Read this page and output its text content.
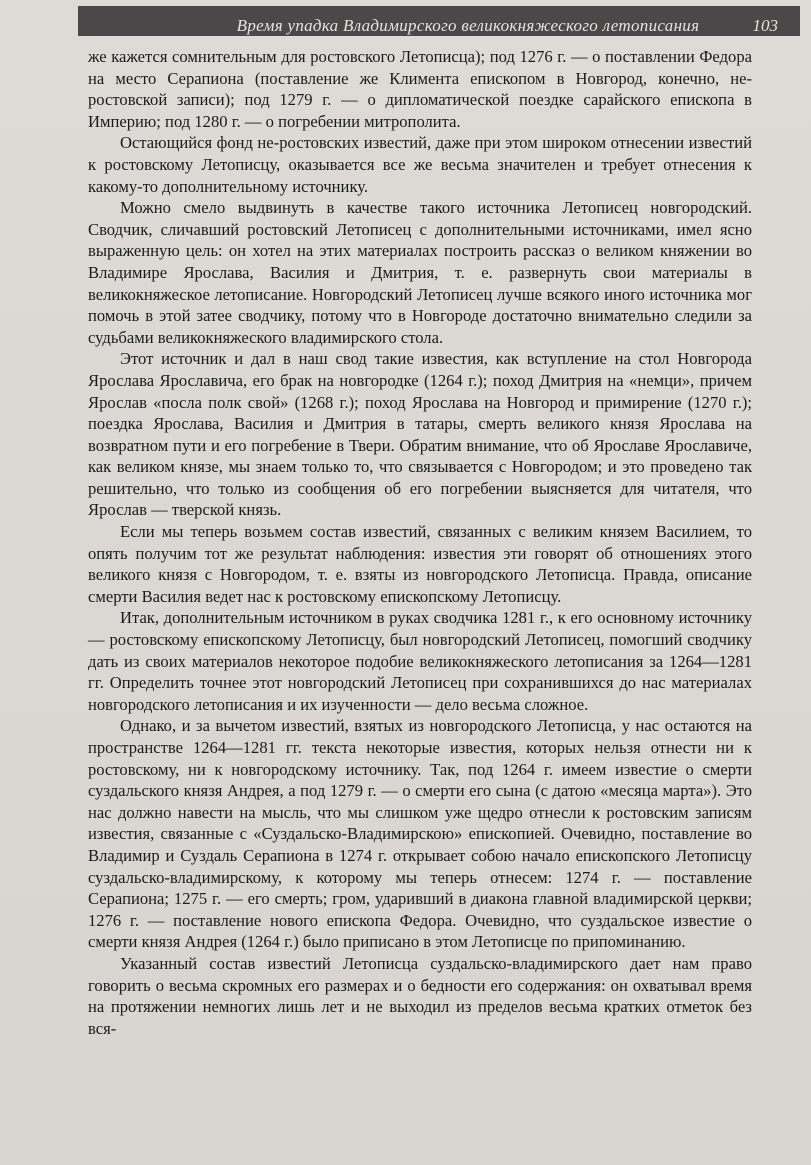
Время упадка Владимирского великокняжеского летописания	103

же кажется сомнительным для ростовского Летописца); под 1276 г. — о поставлении Федора на место Серапиона (поставление же Климента епископом в Новгород, конечно, не-ростовской записи); под 1279 г. — о дипломатической поездке сарайского епископа в Империю; под 1280 г. — о погребении митрополита.

Остающийся фонд не-ростовских известий, даже при этом широком отнесении известий к ростовскому Летописцу, оказывается все же весьма значителен и требует отнесения к какому-то дополнительному источнику.

Можно смело выдвинуть в качестве такого источника Летописец новгородский. Сводчик, сличавший ростовский Летописец с дополнительными источниками, имел ясно выраженную цель: он хотел на этих материалах построить рассказ о великом княжении во Владимире Ярослава, Василия и Дмитрия, т. е. развернуть свои материалы в великокняжеское летописание. Новгородский Летописец лучше всякого иного источника мог помочь в этой затее сводчику, потому что в Новгороде достаточно внимательно следили за судьбами великокняжеского владимирского стола.

Этот источник и дал в наш свод такие известия, как вступление на стол Новгорода Ярослава Ярославича, его брак на новгородке (1264 г.); поход Дмитрия на «немци», причем Ярослав «посла полк свой» (1268 г.); поход Ярослава на Новгород и примирение (1270 г.); поездка Ярослава, Василия и Дмитрия в татары, смерть великого князя Ярослава на возвратном пути и его погребение в Твери. Обратим внимание, что об Ярославе Ярославиче, как великом князе, мы знаем только то, что связывается с Новгородом; и это проведено так решительно, что только из сообщения об его погребении выясняется для читателя, что Ярослав — тверской князь.

Если мы теперь возьмем состав известий, связанных с великим князем Василием, то опять получим тот же результат наблюдения: известия эти говорят об отношениях этого великого князя с Новгородом, т. е. взяты из новгородского Летописца. Правда, описание смерти Василия ведет нас к ростовскому епископскому Летописцу.

Итак, дополнительным источником в руках сводчика 1281 г., к его основному источнику — ростовскому епископскому Летописцу, был новгородский Летописец, помогший сводчику дать из своих материалов некоторое подобие великокняжеского летописания за 1264—1281 гг. Определить точнее этот новгородский Летописец при сохранившихся до нас материалах новгородского летописания и их изученности — дело весьма сложное.

Однако, и за вычетом известий, взятых из новгородского Летописца, у нас остаются на пространстве 1264—1281 гг. текста некоторые известия, которых нельзя отнести ни к ростовскому, ни к новгородскому источнику. Так, под 1264 г. имеем известие о смерти суздальского князя Андрея, а под 1279 г. — о смерти его сына (с датою «месяца марта»). Это нас должно навести на мысль, что мы слишком уже щедро отнесли к ростовским записям известия, связанные с «Суздальско-Владимирскою» епископией. Очевидно, поставление во Владимир и Суздаль Серапиона в 1274 г. открывает собою начало епископского Летописцу суздальско-владимирскому, к которому мы теперь отнесем: 1274 г. — поставление Серапиона; 1275 г. — его смерть; гром, ударивший в диакона главной владимирской церкви; 1276 г. — поставление нового епископа Федора. Очевидно, что суздальское известие о смерти князя Андрея (1264 г.) было приписано в этом Летописце по припоминанию.

Указанный состав известий Летописца суздальско-владимирского дает нам право говорить о весьма скромных его размерах и о бедности его содержания: он охватывал время на протяжении немногих лишь лет и не выходил из пределов весьма кратких отметок без вся-
